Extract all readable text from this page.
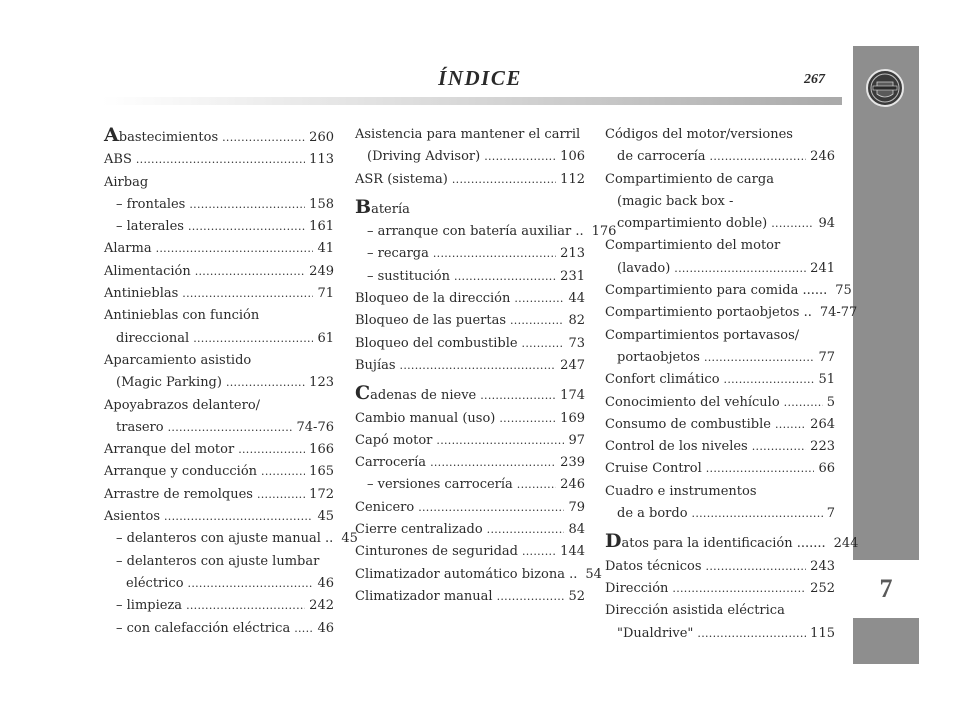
ÍNDICE	267
7
Abastecimientos . . .	260
ABS . . .	113
Airbag
– frontales . . .	158
– laterales . . .	161
Alarma . . .	41
Alimentación . . .	249
Antinieblas . . .	71
Antinieblas con función
direccional . . .	61
Aparcamiento asistido
(Magic Parking) . . .	123
Apoyabrazos delantero/
trasero . . .	74-76
Arranque del motor . . .	166
Arranque y conducción . . .	165
Arrastre de remolques . . .	172
Asientos . . .	45
– delanteros con ajuste manual .. 45
– delanteros con ajuste lumbar
eléctrico . . .	46
– limpieza . . .	242
– con calefacción eléctrica . . . 46
Asistencia para mantener el carril
(Driving Advisor) . . .	106
ASR (sistema) . . .	112
Batería
– arranque con batería auxiliar .. 176
– recarga . . .	213
– sustitución . . .	231
Bloqueo de la dirección . . .	44
Bloqueo de las puertas . . .	82
Bloqueo del combustible . . .	73
Bujías . . .	247
Cadenas de nieve . . .	174
Cambio manual (uso) . . .	169
Capó motor . . .	97
Carrocería . . .	239
– versiones carrocería . . .	246
Cenicero . . .	79
Cierre centralizado . . .	84
Cinturones de seguridad . . .	144
Climatizador automático bizona .. 54
Climatizador manual . . .	52
Códigos del motor/versiones
de carrocería . . .	246
Compartimiento de carga
(magic back box -
compartimiento doble) . . .	94
Compartimiento del motor
(lavado) . . .	241
Compartimiento para comida ...... 75
Compartimiento portaobjetos .. 74-77
Compartimientos portavasos/
portaobjetos . . .	77
Confort climático . . .	51
Conocimiento del vehículo . . .	5
Consumo de combustible . . .	264
Control de los niveles . . .	223
Cruise Control . . .	66
Cuadro e instrumentos
de a bordo . . .	7
Datos para la identificación ....... 244
Datos técnicos . . .	243
Dirección . . .	252
Dirección asistida eléctrica
"Dualdrive" . . .	115
